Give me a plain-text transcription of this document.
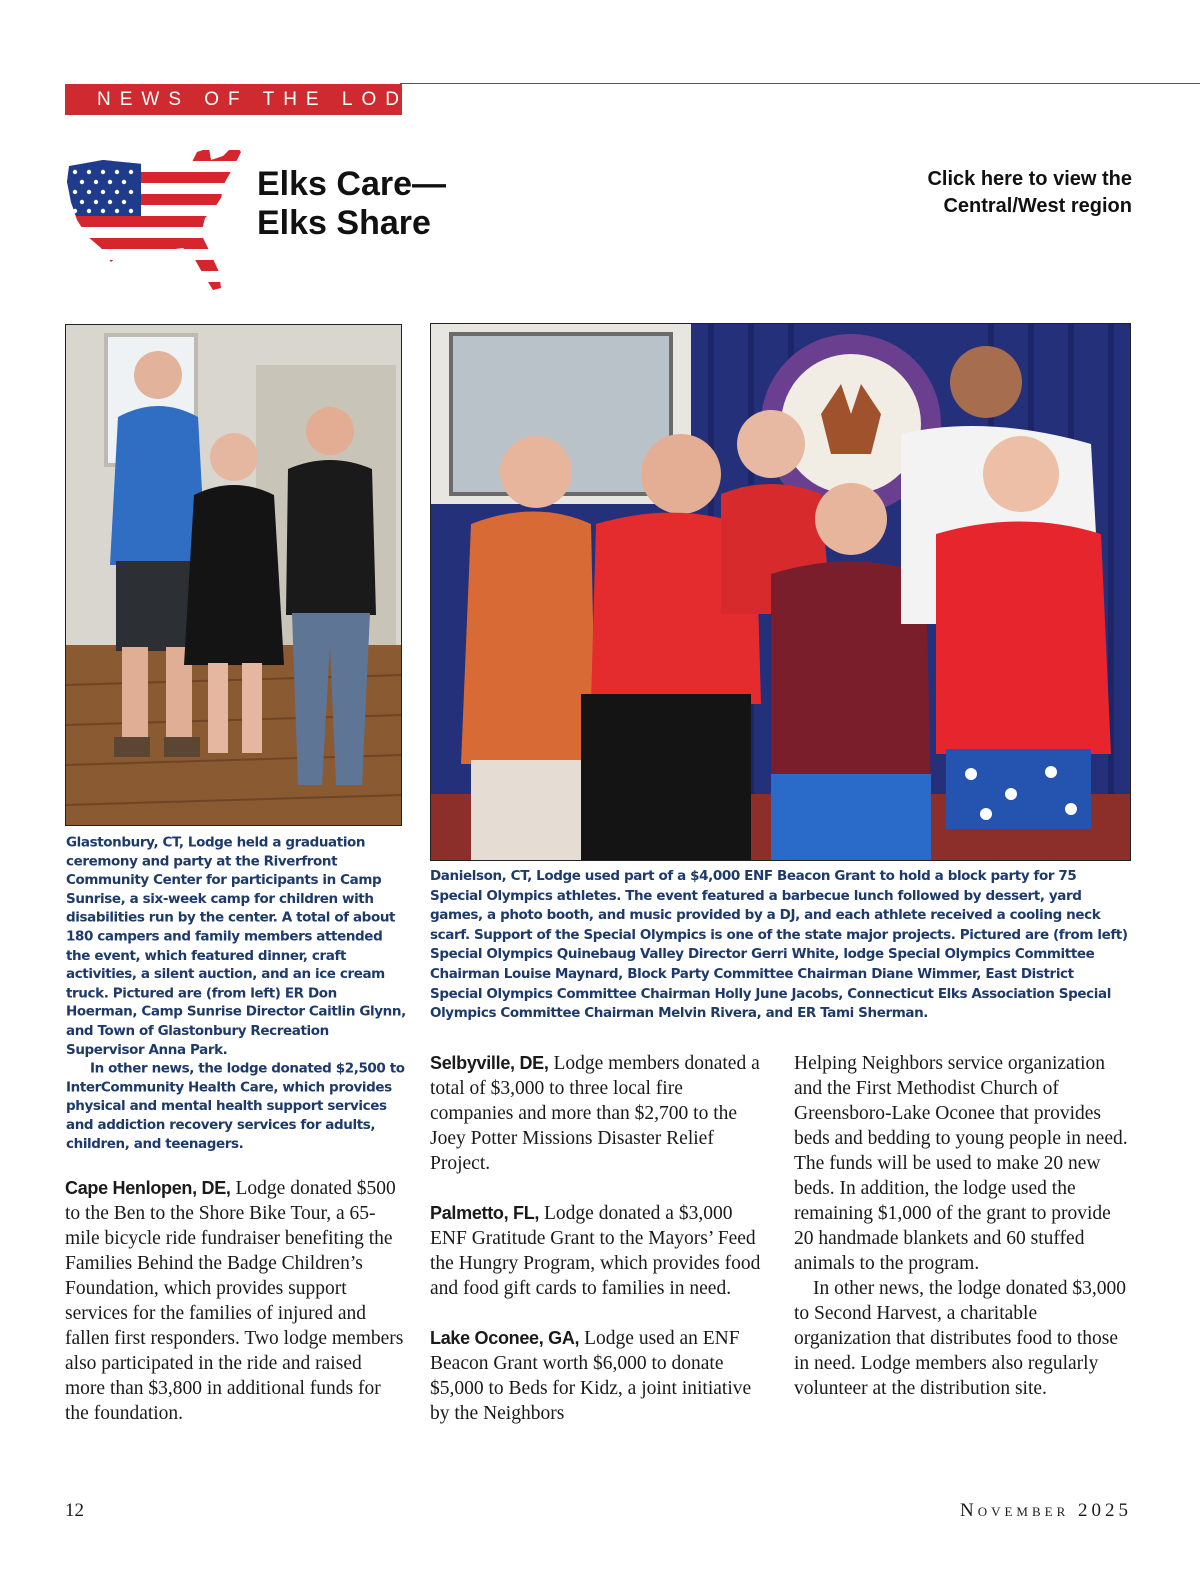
NEWS OF THE LODGES
Elks Care—
Elks Share
Click here to view the
Central/West region

Glastonbury, CT, Lodge held a graduation ceremony and party at the Riverfront Community Center for participants in Camp Sunrise, a six-week camp for children with disabilities run by the center. A total of about 180 campers and family members attended the event, which featured dinner, craft activities, a silent auction, and an ice cream truck. Pictured are (from left) ER Don Hoerman, Camp Sunrise Director Caitlin Glynn, and Town of Glastonbury Recreation Supervisor Anna Park.

In other news, the lodge donated $2,500 to InterCommunity Health Care, which provides physical and mental health support services and addiction recovery services for adults, children, and teenagers.

Danielson, CT, Lodge used part of a $4,000 ENF Beacon Grant to hold a block party for 75 Special Olympics athletes. The event featured a barbecue lunch followed by dessert, yard games, a photo booth, and music provided by a DJ, and each athlete received a cooling neck scarf. Support of the Special Olympics is one of the state major projects. Pictured are (from left) Special Olympics Quinebaug Valley Director Gerri White, lodge Special Olympics Committee Chairman Louise Maynard, Block Party Committee Chairman Diane Wimmer, East District Special Olympics Committee Chairman Holly June Jacobs, Connecticut Elks Association Special Olympics Committee Chairman Melvin Rivera, and ER Tami Sherman.

Cape Henlopen, DE, Lodge donated $500 to the Ben to the Shore Bike Tour, a 65-mile bicycle ride fundraiser benefiting the Families Behind the Badge Children’s Foundation, which provides support services for the families of injured and fallen first responders. Two lodge members also participated in the ride and raised more than $3,800 in additional funds for the foundation.

Selbyville, DE, Lodge members donated a total of $3,000 to three local fire companies and more than $2,700 to the Joey Potter Missions Disaster Relief Project.

Palmetto, FL, Lodge donated a $3,000 ENF Gratitude Grant to the Mayors’ Feed the Hungry Program, which provides food and food gift cards to families in need.

Lake Oconee, GA, Lodge used an ENF Beacon Grant worth $6,000 to donate $5,000 to Beds for Kidz, a joint initiative by the Neighbors

Helping Neighbors service organization and the First Methodist Church of Greensboro-Lake Oconee that provides beds and bedding to young people in need. The funds will be used to make 20 new beds. In addition, the lodge used the remaining $1,000 of the grant to provide 20 handmade blankets and 60 stuffed animals to the program.

In other news, the lodge donated $3,000 to Second Harvest, a charitable organization that distributes food to those in need. Lodge members also regularly volunteer at the distribution site.

12	November 2025
